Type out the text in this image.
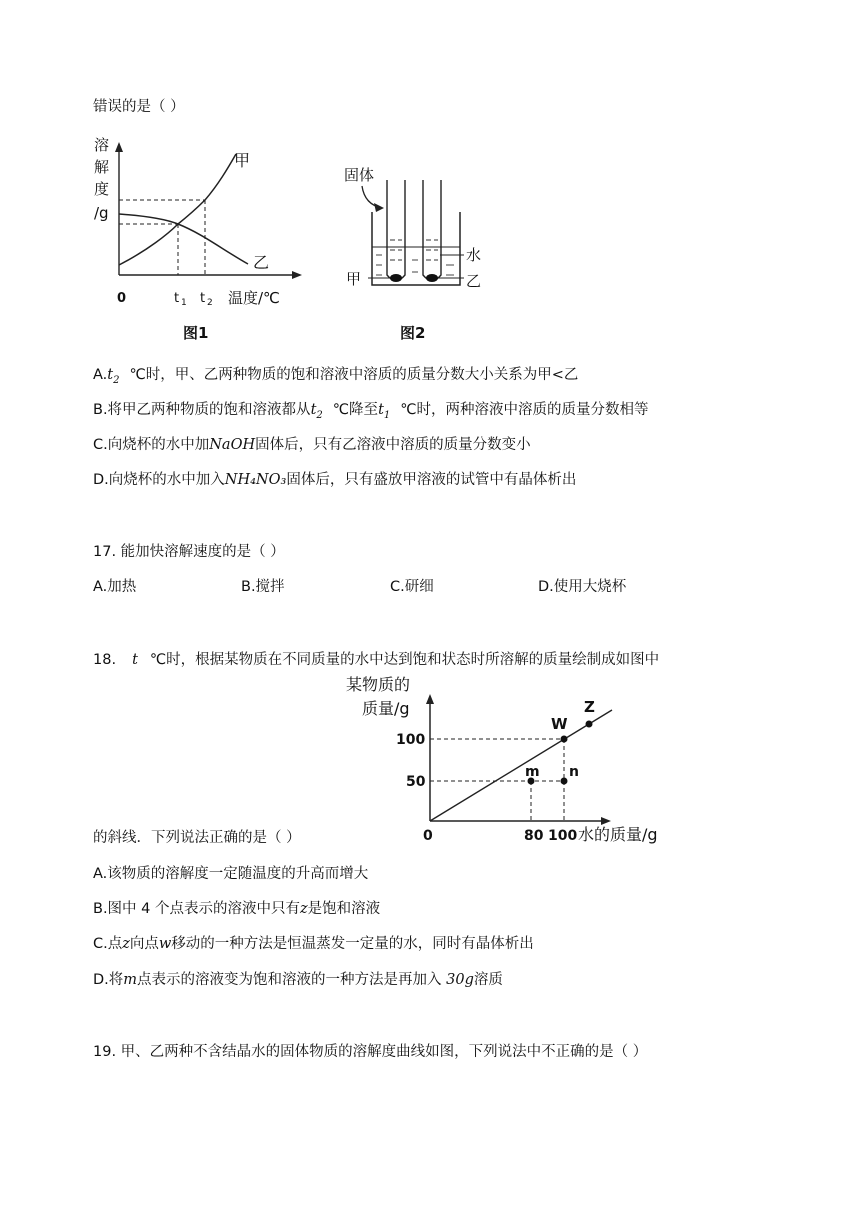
错误的是（ ）
溶
解
度
/g
甲
乙
0	t 1 t 2 温度/℃
图1
固体
水
甲	乙
图2
$A.t_2$ ℃时，甲、乙两种物质的饱和溶液中溶质的质量分数大小关系为甲<乙
B.将甲乙两种物质的饱和溶液都从$t_2$ ℃降至$t_1$ ℃时，两种溶液中溶质的质量分数相等
C.向烧杯的水中加NaOH固体后，只有乙溶液中溶质的质量分数变小
D.向烧杯的水中加入NH₄NO₃固体后，只有盛放甲溶液的试管中有晶体析出
17. 能加快溶解速度的是（ ）
A.加热	B.搅拌	C.研细	D.使用大烧杯
18. t ℃时，根据某物质在不同质量的水中达到饱和状态时所溶解的质量绘制成如图中
某物质的
质量/g
W
Z
m n
100
50
0	80 100 水的质量/g
的斜线．下列说法正确的是（ ）
A.该物质的溶解度一定随温度的升高而增大
B.图中 4 个点表示的溶液中只有z是饱和溶液
C.点z向点w移动的一种方法是恒温蒸发一定量的水，同时有晶体析出
D.将m点表示的溶液变为饱和溶液的一种方法是再加入 30g溶质
19. 甲、乙两种不含结晶水的固体物质的溶解度曲线如图，下列说法中不正确的是（ ）
